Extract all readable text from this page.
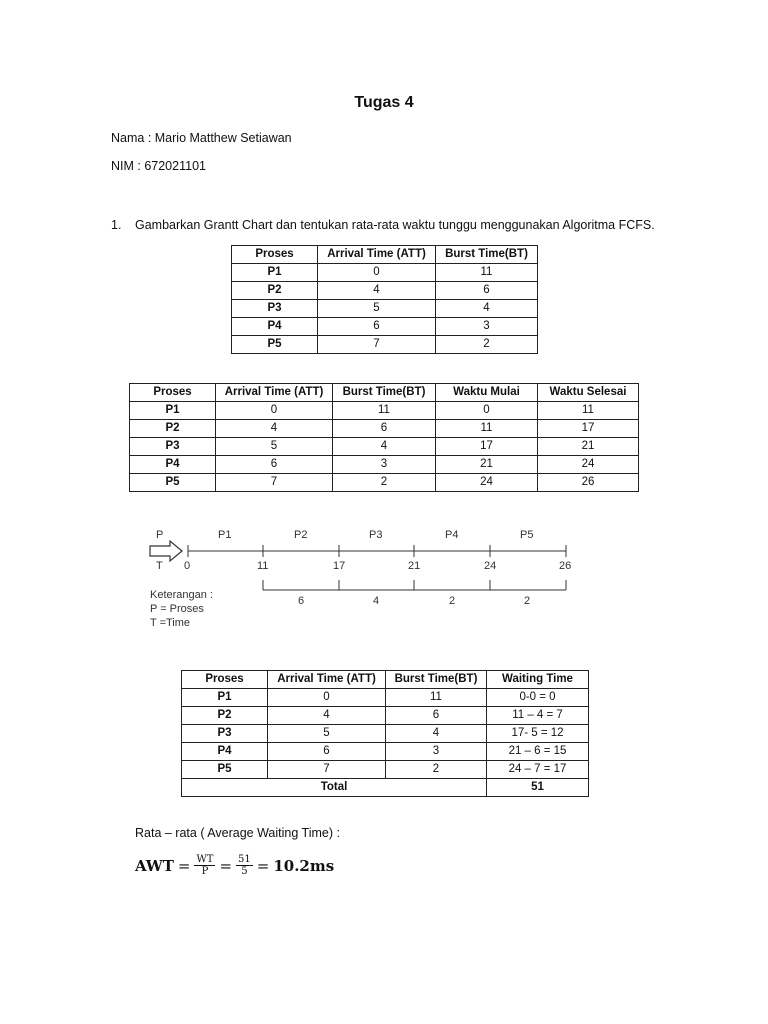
Tugas 4
Nama : Mario Matthew Setiawan
NIM : 672021101
1. Gambarkan Grantt Chart dan tentukan rata-rata waktu tunggu menggunakan Algoritma FCFS.
Proses	Arrival Time (ATT)	Burst Time(BT)
P1	0	11
P2	4	6
P3	5	4
P4	6	3
P5	7	2
Proses	Arrival Time (ATT)	Burst Time(BT)	Waktu Mulai	Waktu Selesai
P1	0	11	0	11
P2	4	6	11	17
P3	5	4	17	21
P4	6	3	21	24
P5	7	2	24	26
P
T
P1	P2	P3	P4	P5
0	11	17	21	24	26
6	4	2	2
Keterangan :
P = Proses
T =Time
Proses	Arrival Time (ATT)	Burst Time(BT)	Waiting Time
P1	0	11	0-0 = 0
P2	4	6	11 – 4 = 7
P3	5	4	17- 5 = 12
P4	6	3	21 – 6 = 15
P5	7	2	24 – 7 = 17
Total			51
Rata – rata ( Average Waiting Time) :
AWT = $\frac{WT}{P} = \frac{51}{5} = 10.2ms$
